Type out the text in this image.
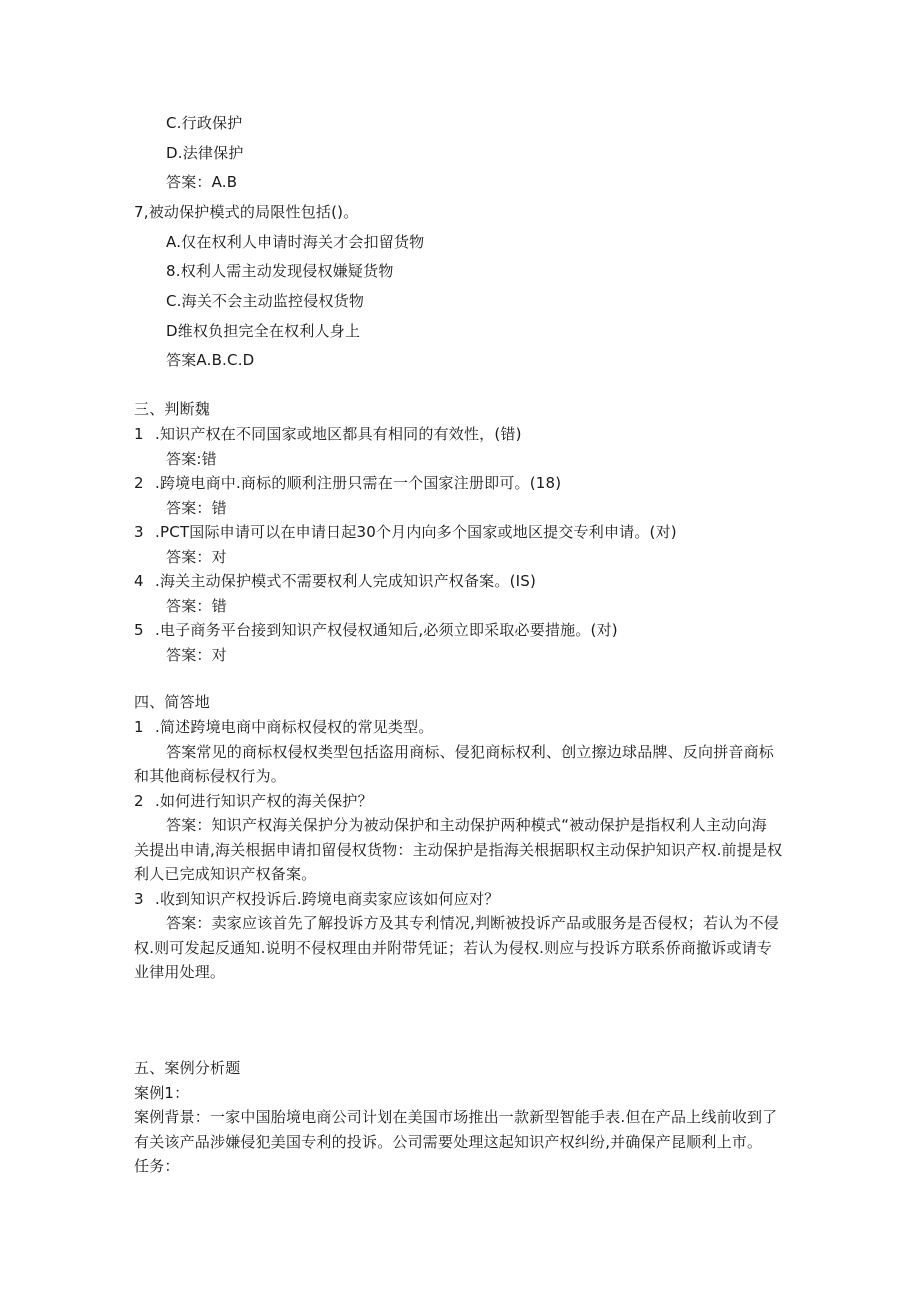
C.行政保护
D.法律保护
答案：A.B
7,被动保护模式的局限性包括()。
A.仅在权利人申请时海关才会扣留货物
8.权利人需主动发现侵权嫌疑货物
C.海关不会主动监控侵权货物
D维权负担完全在权利人身上
答案A.B.C.D
三、判断魏
1 .知识产权在不同国家或地区都具有相同的有效性，(错)
答案:错
2 .跨境电商中.商标的顺利注册只需在一个国家注册即可。(18)
答案：错
3 .PCT国际申请可以在申请日起30个月内向多个国家或地区提交专利申请。(对)
答案：对
4 .海关主动保护模式不需要权利人完成知识产权备案。(IS)
答案：错
5 .电子商务平台接到知识产权侵权通知后,必须立即采取必要措施。(对)
答案：对
四、简答地
1 .简述跨境电商中商标权侵权的常见类型。
答案常见的商标权侵权类型包括盗用商标、侵犯商标权利、创立擦边球品牌、反向拼音商标
和其他商标侵权行为。
2 .如何进行知识产权的海关保护？
答案：知识产权海关保护分为被动保护和主动保护两种模式“被动保护是指权利人主动向海
关提出申请,海关根据申请扣留侵权货物：主动保护是指海关根据职权主动保护知识产权.前提是权
利人已完成知识产权备案。
3 .收到知识产权投诉后.跨境电商卖家应该如何应对？
答案：卖家应该首先了解投诉方及其专利情况,判断被投诉产品或服务是否侵权；若认为不侵
权.则可发起反通知.说明不侵权理由并附带凭证；若认为侵权.则应与投诉方联系侨商撤诉或请专
业律用处理。
五、案例分析题
案例1：
案例背景：一家中国胎境电商公司计划在美国市场推出一款新型智能手表.但在产品上线前收到了
有关该产品涉嫌侵犯美国专利的投诉。公司需要处理这起知识产权纠纷,并确保产昆顺利上市。
任务：
